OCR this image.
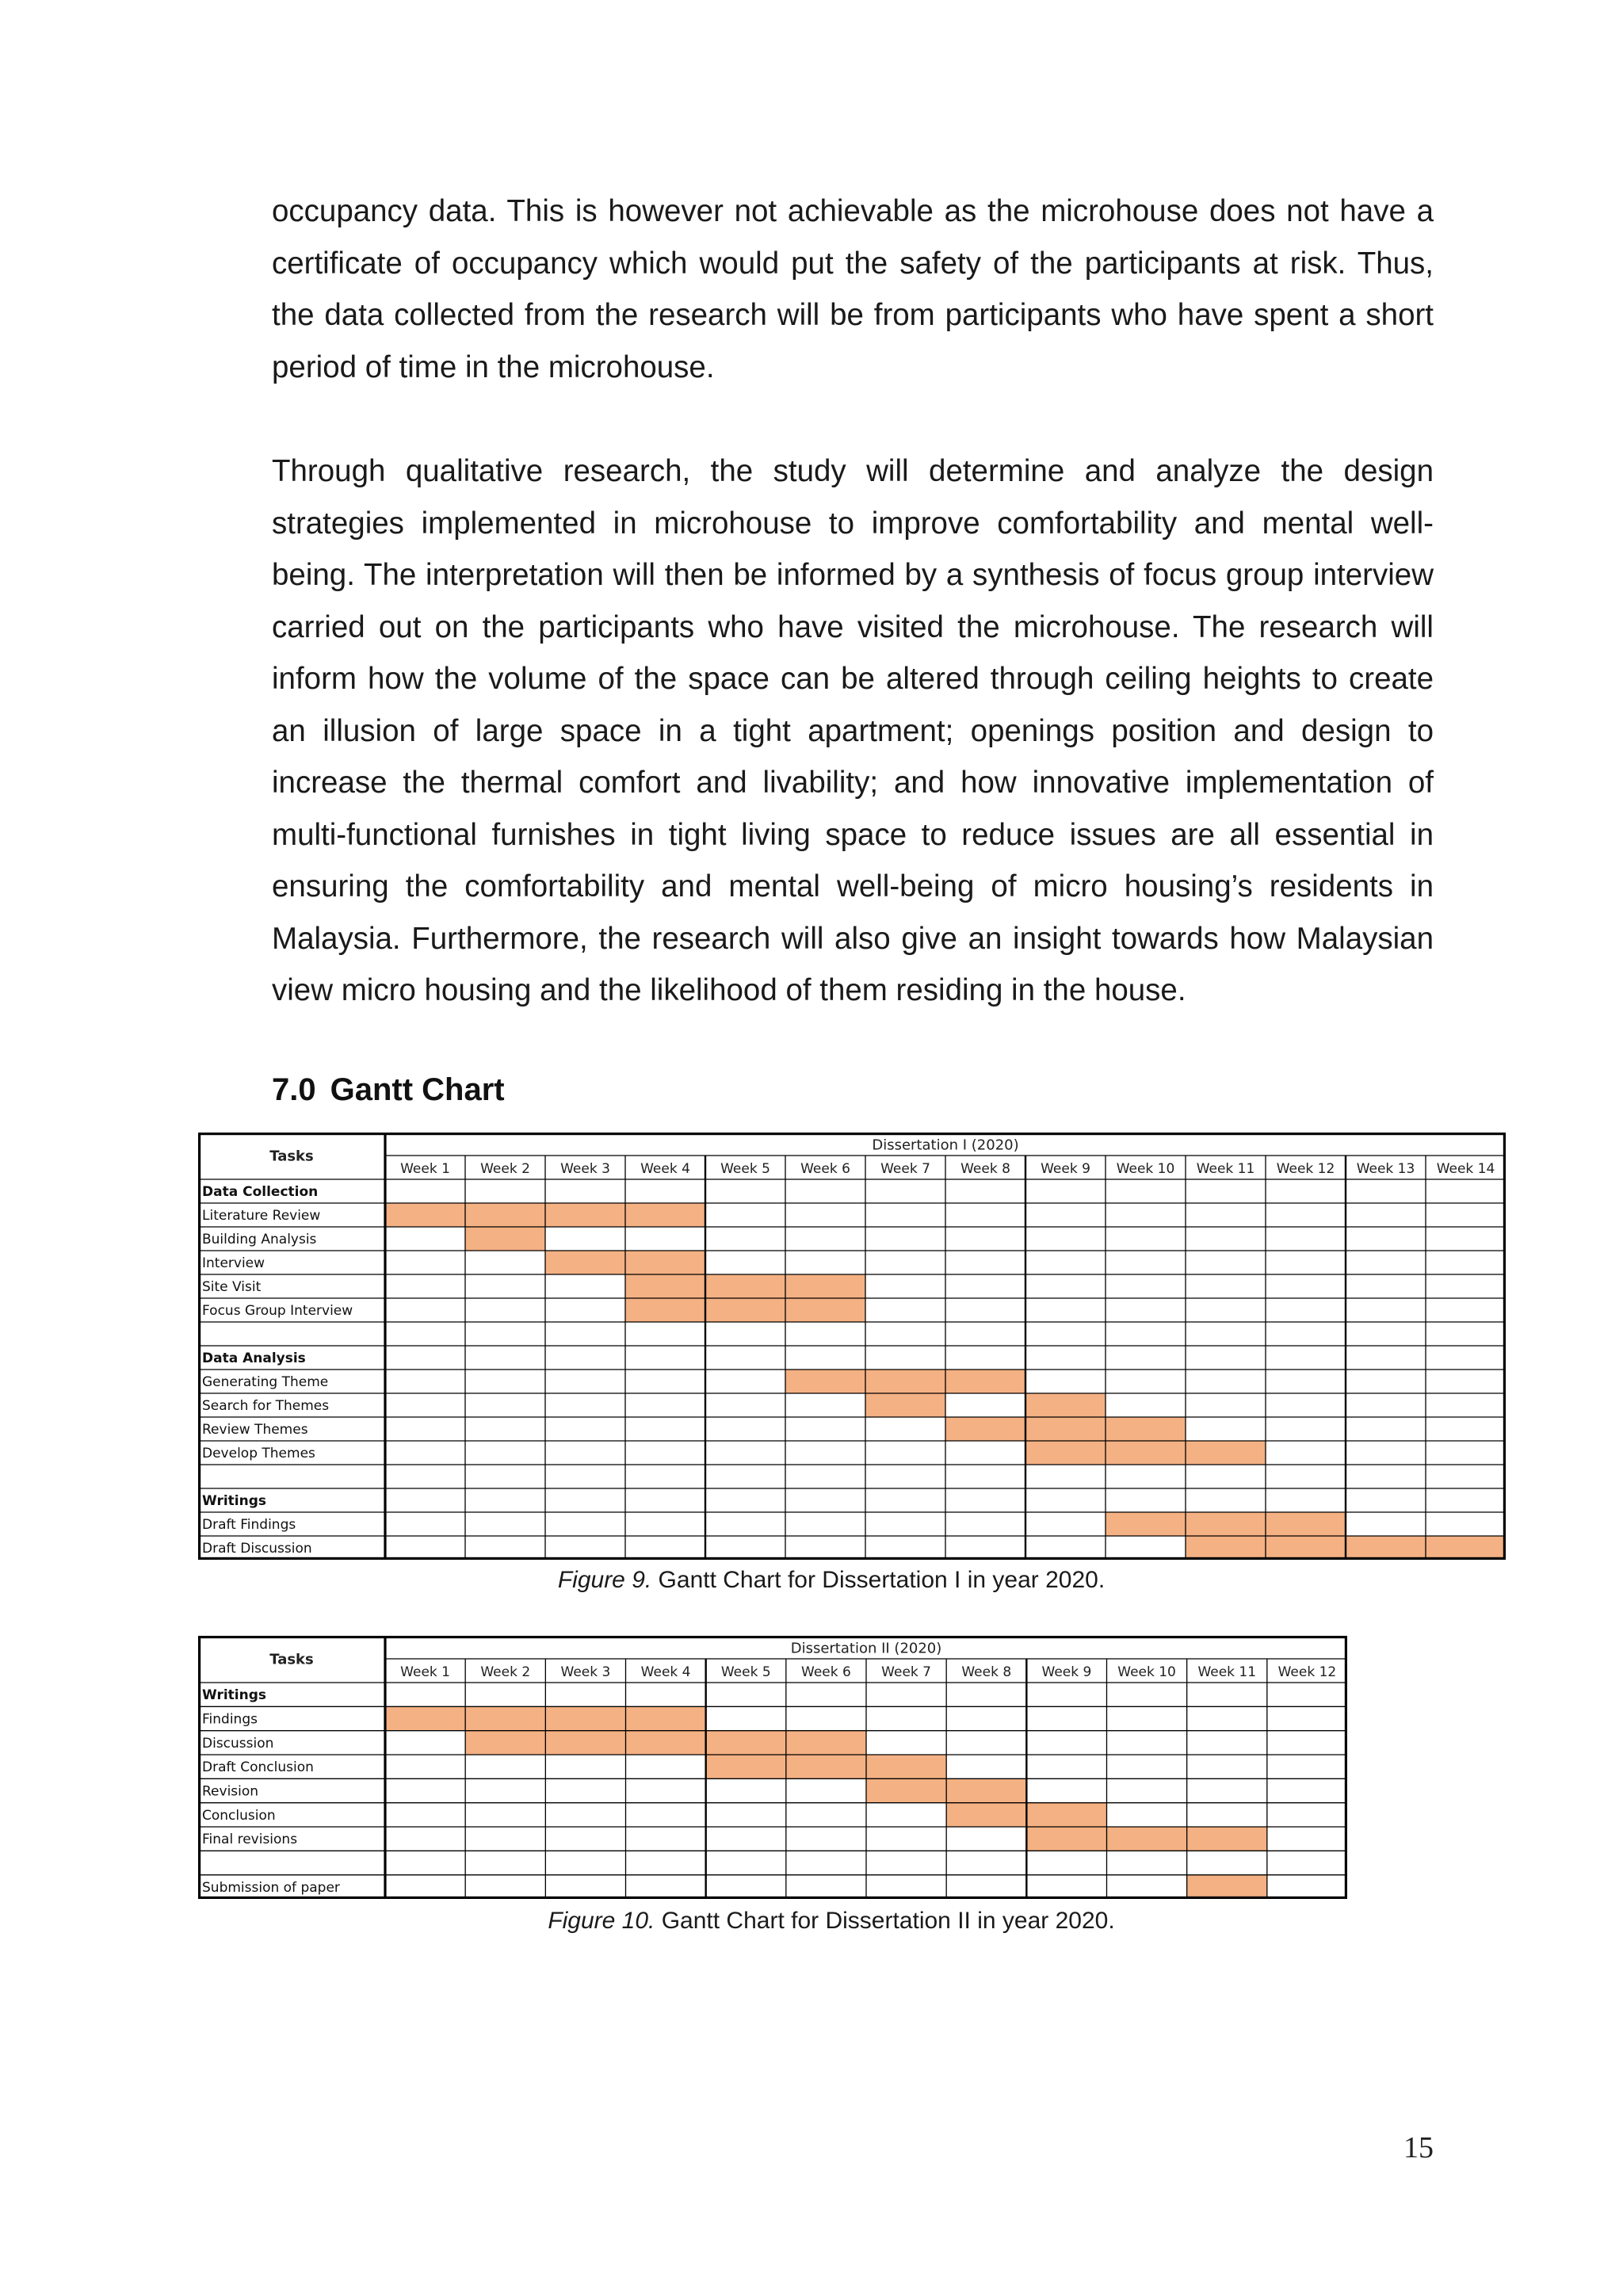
occupancy data. This is however not achievable as the microhouse does not have a certificate of occupancy which would put the safety of the participants at risk. Thus, the data collected from the research will be from participants who have spent a short period of time in the microhouse.

Through qualitative research, the study will determine and analyze the design strategies implemented in microhouse to improve comfortability and mental well-being. The interpretation will then be informed by a synthesis of focus group interview carried out on the participants who have visited the microhouse. The research will inform how the volume of the space can be altered through ceiling heights to create an illusion of large space in a tight apartment; openings position and design to increase the thermal comfort and livability; and how innovative implementation of multi-functional furnishes in tight living space to reduce issues are all essential in ensuring the comfortability and mental well-being of micro housing’s residents in Malaysia. Furthermore, the research will also give an insight towards how Malaysian view micro housing and the likelihood of them residing in the house.

7.0 Gantt Chart
Dissertation I (2020)
Tasks
Week 1 Week 2 Week 3 Week 4 Week 5 Week 6 Week 7 Week 8 Week 9 Week 10 Week 11 Week 12 Week 13 Week 14
Data Collection
Literature Review
Building Analysis
Interview
Site Visit
Focus Group Interview
Data Analysis
Generating Theme
Search for Themes
Review Themes
Develop Themes
Writings
Draft Findings
Draft Discussion

Figure 9. Gantt Chart for Dissertation I in year 2020.

Dissertation II (2020)
Tasks
Week 1 Week 2 Week 3 Week 4 Week 5 Week 6 Week 7 Week 8 Week 9 Week 10 Week 11 Week 12
Writings
Findings
Discussion
Draft Conclusion
Revision
Conclusion
Final revisions
Submission of paper

Figure 10. Gantt Chart for Dissertation II in year 2020.

15
